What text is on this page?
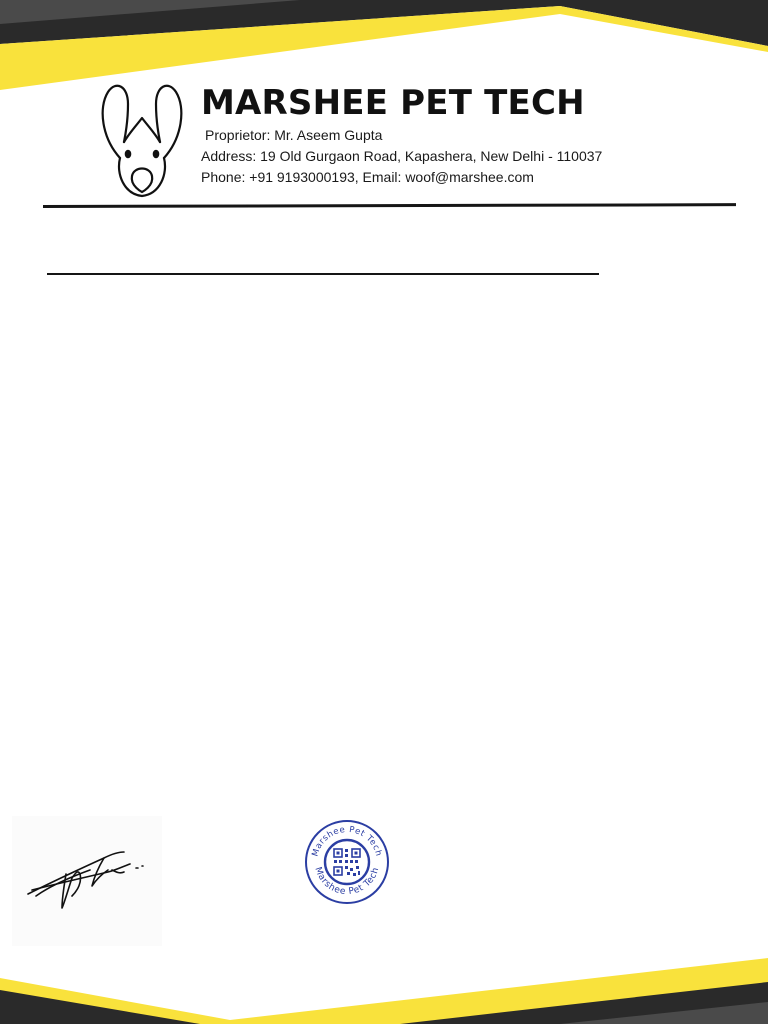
MARSHEE PET TECH
Proprietor: Mr. Aseem Gupta
Address: 19 Old Gurgaon Road, Kapashera, New Delhi - 110037
Phone: +91 9193000193, Email: woof@marshee.com
Marshee Pet Tech
Marshee Pet Tech
